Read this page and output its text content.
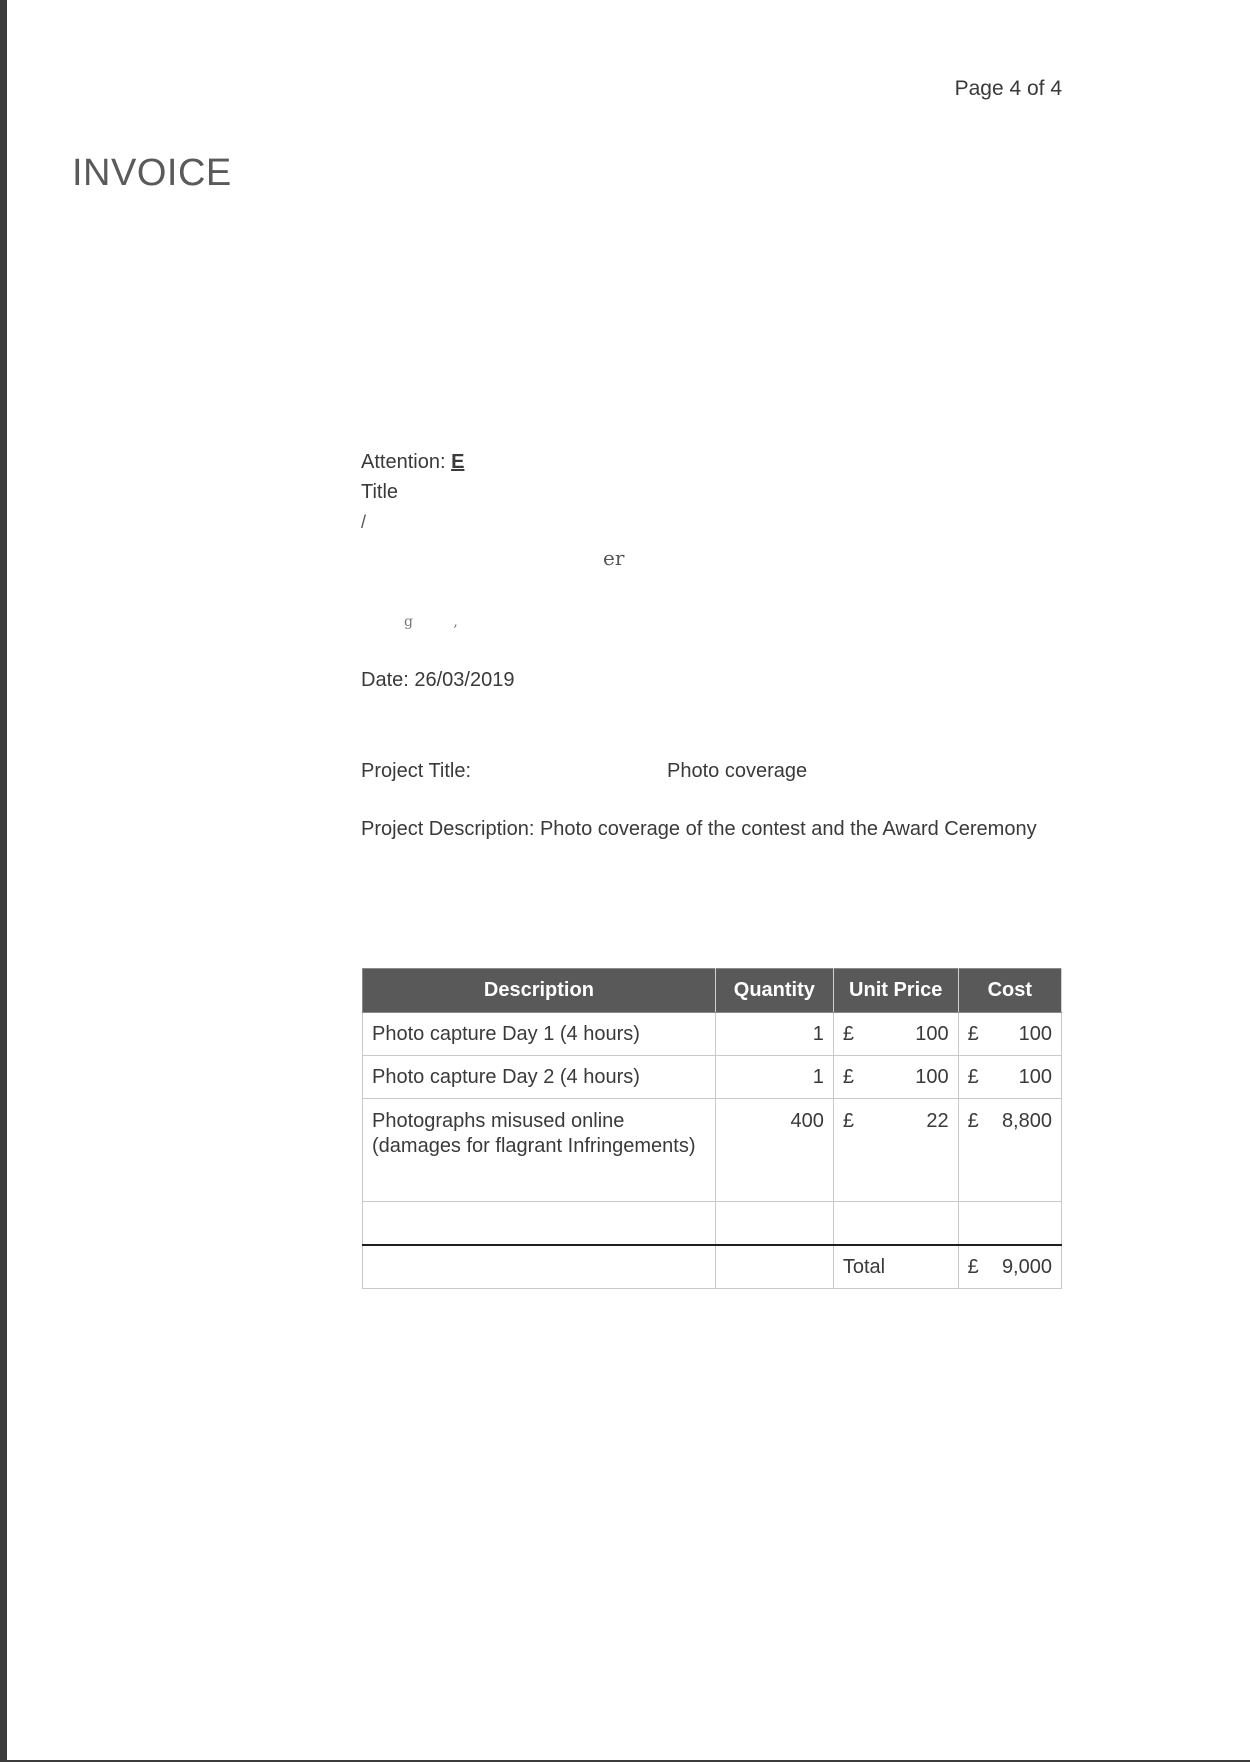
Page 4 of 4
INVOICE
Attention: E
Title
/
er
g ,
Date: 26/03/2019
Project Title:	Photo coverage
Project Description: Photo coverage of the contest and the Award Ceremony
Description	Quantity	Unit Price	Cost
Photo capture Day 1 (4 hours)	1	£ 100	£ 100

Photo capture Day 2 (4 hours)	1	£ 100	£ 100

Photographs misused online (damages for flagrant Infringements)	400	£ 22	£ 8,800

		Total	£ 9,000
